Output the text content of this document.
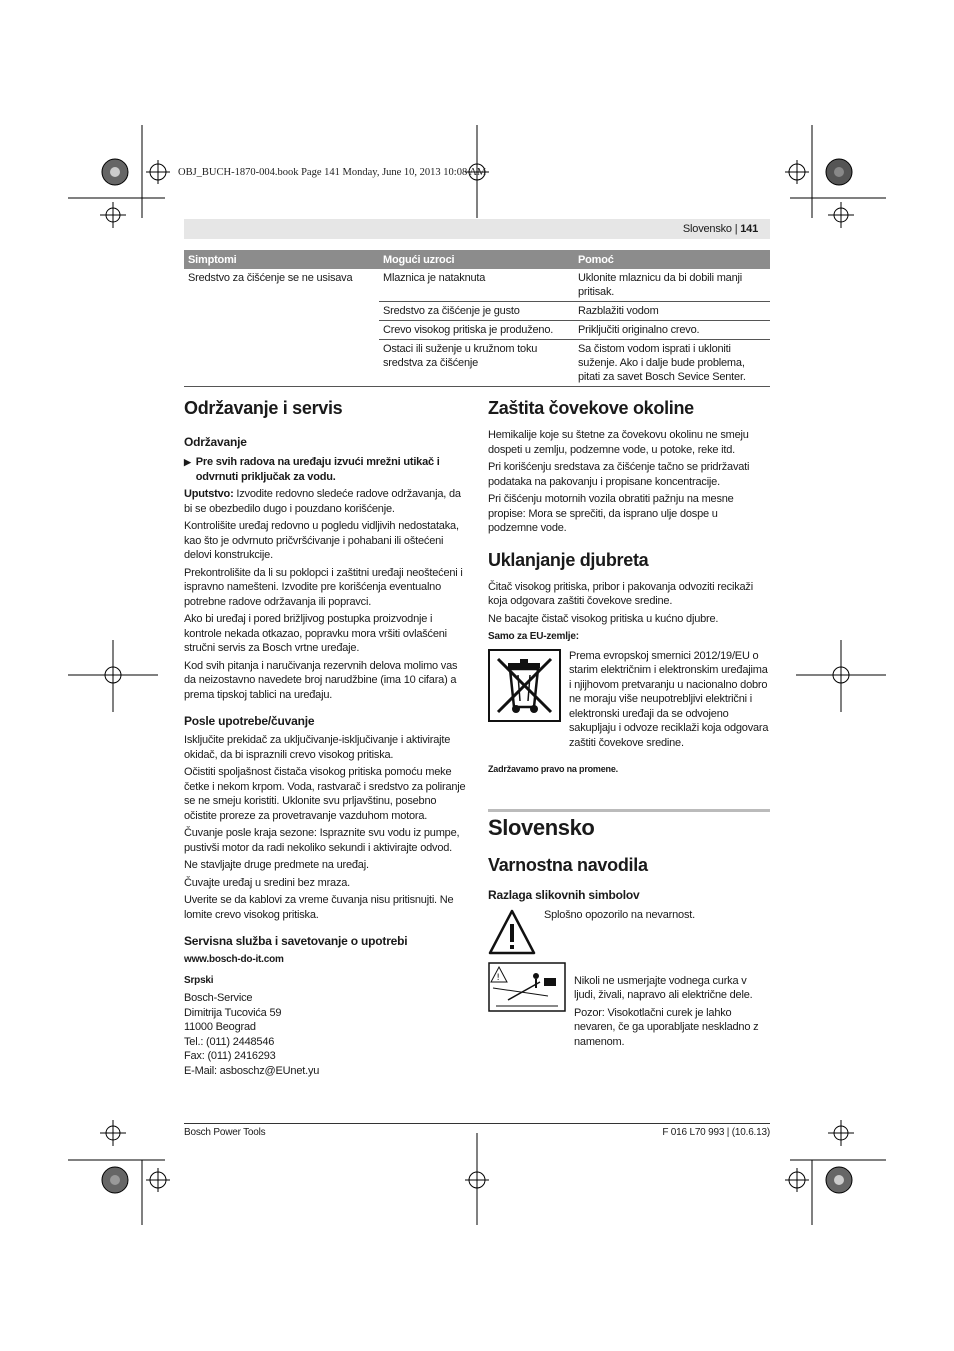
OBJ_BUCH-1870-004.book Page 141 Monday, June 10, 2013 10:08 AM
Slovensko | 141
Simptomi	Mogući uzroci	Pomoć
Sredstvo za čišćenje se ne usisava	Mlaznica je nataknuta	Uklonite mlaznicu da bi dobili manji pritisak.
	Sredstvo za čišćenje je gusto	Razblažiti vodom
	Crevo visokog pritiska je produženo.	Priključiti originalno crevo.
	Ostaci ili suženje u kružnom toku sredstva za čišćenje	Sa čistom vodom isprati i ukloniti suženje. Ako i dalje bude problema, pitati za savet Bosch Sevice Senter.
Održavanje i servis
Održavanje
▶ Pre svih radova na uređaju izvući mrežni utikač i odvrnuti priključak za vodu.

Uputstvo: Izvodite redovno sledeće radove održavanja, da bi se obezbedilo dugo i pouzdano korišćenje.

Kontrolišite uređaj redovno u pogledu vidljivih nedostataka, kao što je odvrnuto pričvršćivanje i pohabani ili oštećeni delovi konstrukcije.

Prekontrolišite da li su poklopci i zaštitni uređaji neoštećeni i ispravno namešteni. Izvodite pre korišćenja eventualno potrebne radove održavanja ili popravci.

Ako bi uređaj i pored brižljivog postupka proizvodnje i kontrole nekada otkazao, popravku mora vršiti ovlašćeni stručni servis za Bosch vrtne uređaje.

Kod svih pitanja i naručivanja rezervnih delova molimo vas da neizostavno navedete broj narudžbine (ima 10 cifara) a prema tipskoj tablici na uređaju.

Posle upotrebe/čuvanje

Isključite prekidač za uključivanje-isključivanje i aktivirajte okidač, da bi ispraznili crevo visokog pritiska.

Očistiti spoljašnost čistača visokog pritiska pomoću meke četke i nekom krpom. Voda, rastvarač i sredstvo za poliranje se ne smeju koristiti. Uklonite svu prljavštinu, posebno očistite proreze za provetravanje vazduhom motora.

Čuvanje posle kraja sezone: Ispraznite svu vodu iz pumpe, pustivši motor da radi nekoliko sekundi i aktivirajte odvod.

Ne stavljajte druge predmete na uređaj.

Čuvajte uređaj u sredini bez mraza.

Uverite se da kablovi za vreme čuvanja nisu pritisnujti. Ne lomite crevo visokog pritiska.

Servisna služba i savetovanje o upotrebi

www.bosch-do-it.com

Srpski

Bosch-Service
Dimitrija Tucovića 59
11000 Beograd
Tel.: (011) 2448546
Fax: (011) 2416293
E-Mail: asboschz@EUnet.yu
Zaštita čovekove okoline

Hemikalije koje su štetne za čovekovu okolinu ne smeju dospeti u zemlju, podzemne vode, u potoke, reke itd.

Pri korišćenju sredstava za čišćenje tačno se pridržavati podataka na pakovanju i propisane koncentracije.

Pri čišćenju motornih vozila obratiti pažnju na mesne propise: Mora se sprečiti, da isprano ulje dospe u podzemne vode.

Uklanjanje djubreta

Čitač visokog pritiska, pribor i pakovanja odvoziti recikaži koja odgovara zaštiti čovekove sredine.

Ne bacajte čistač visokog pritiska u kućno djubre.

Samo za EU-zemlje:

Prema evropskoj smernici 2012/19/EU o starim električnim i elektronskim uređajima i njijhovom pretvaranju u nacionalno dobro ne moraju više neupotrebljivi električni i elektronski uređaji da se odvojeno sakupljaju i odvoze reciklaži koja odgovara zaštiti čovekove sredine.

Zadržavamo pravo na promene.

Slovensko
Varnostna navodila
Razlaga slikovnih simbolov

Splošno opozorilo na nevarnost.

!	Nikoli ne usmerjajte vodnega curka v ljudi, živali, napravo ali električne dele.

Pozor: Visokotlačni curek je lahko nevaren, če ga uporabljate neskladno z namenom.

Bosch Power Tools	F 016 L70 993 | (10.6.13)
